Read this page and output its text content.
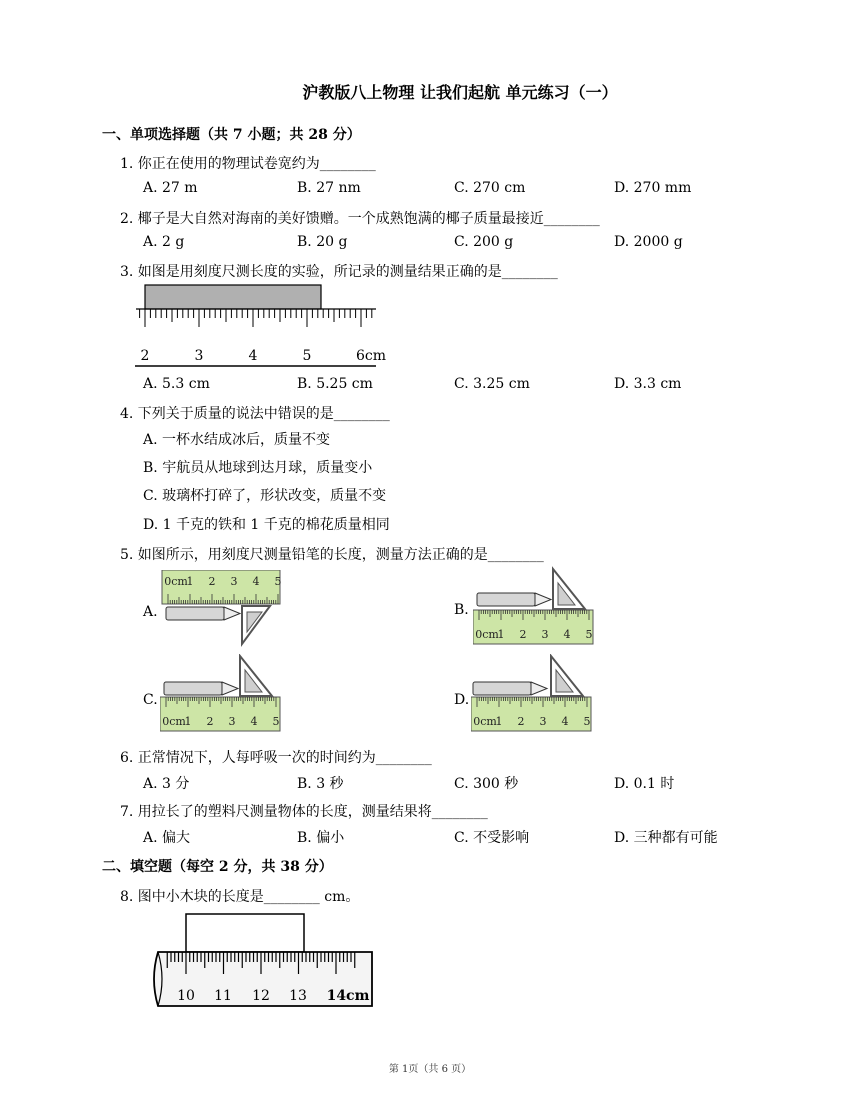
沪教版八上物理 让我们起航 单元练习（一）
一、单项选择题（共 7 小题；共 28 分）
1. 你正在使用的物理试卷宽约为________
A. 27 m	B. 27 nm	C. 270 cm	D. 270 mm
2. 椰子是大自然对海南的美好馈赠。一个成熟饱满的椰子质量最接近________
A. 2 g	B. 20 g	C. 200 g	D. 2000 g
3. 如图是用刻度尺测长度的实验，所记录的测量结果正确的是________
2	3	4	5	6cm
A. 5.3 cm	B. 5.25 cm	C. 3.25 cm	D. 3.3 cm
4. 下列关于质量的说法中错误的是________
A. 一杯水结成冰后，质量不变
B. 宇航员从地球到达月球，质量变小
C. 玻璃杯打碎了，形状改变，质量不变
D. 1 千克的铁和 1 千克的棉花质量相同
5. 如图所示，用刻度尺测量铅笔的长度，测量方法正确的是________
A.	B.
C.	D.
0cm
1 2 3 4 5
0cm
1 2 3 4 5
0cm
1 2 3 4 5	0cm
1 2 3 4 5
6. 正常情况下，人每呼吸一次的时间约为________
A. 3 分	B. 3 秒	C. 300 秒	D. 0.1 时
7. 用拉长了的塑料尺测量物体的长度，测量结果将________
A. 偏大	B. 偏小	C. 不受影响	D. 三种都有可能
二、填空题（每空 2 分，共 38 分）
8. 图中小木块的长度是________ cm。
10 11 12 13 14cm
第 1页（共 6 页）
